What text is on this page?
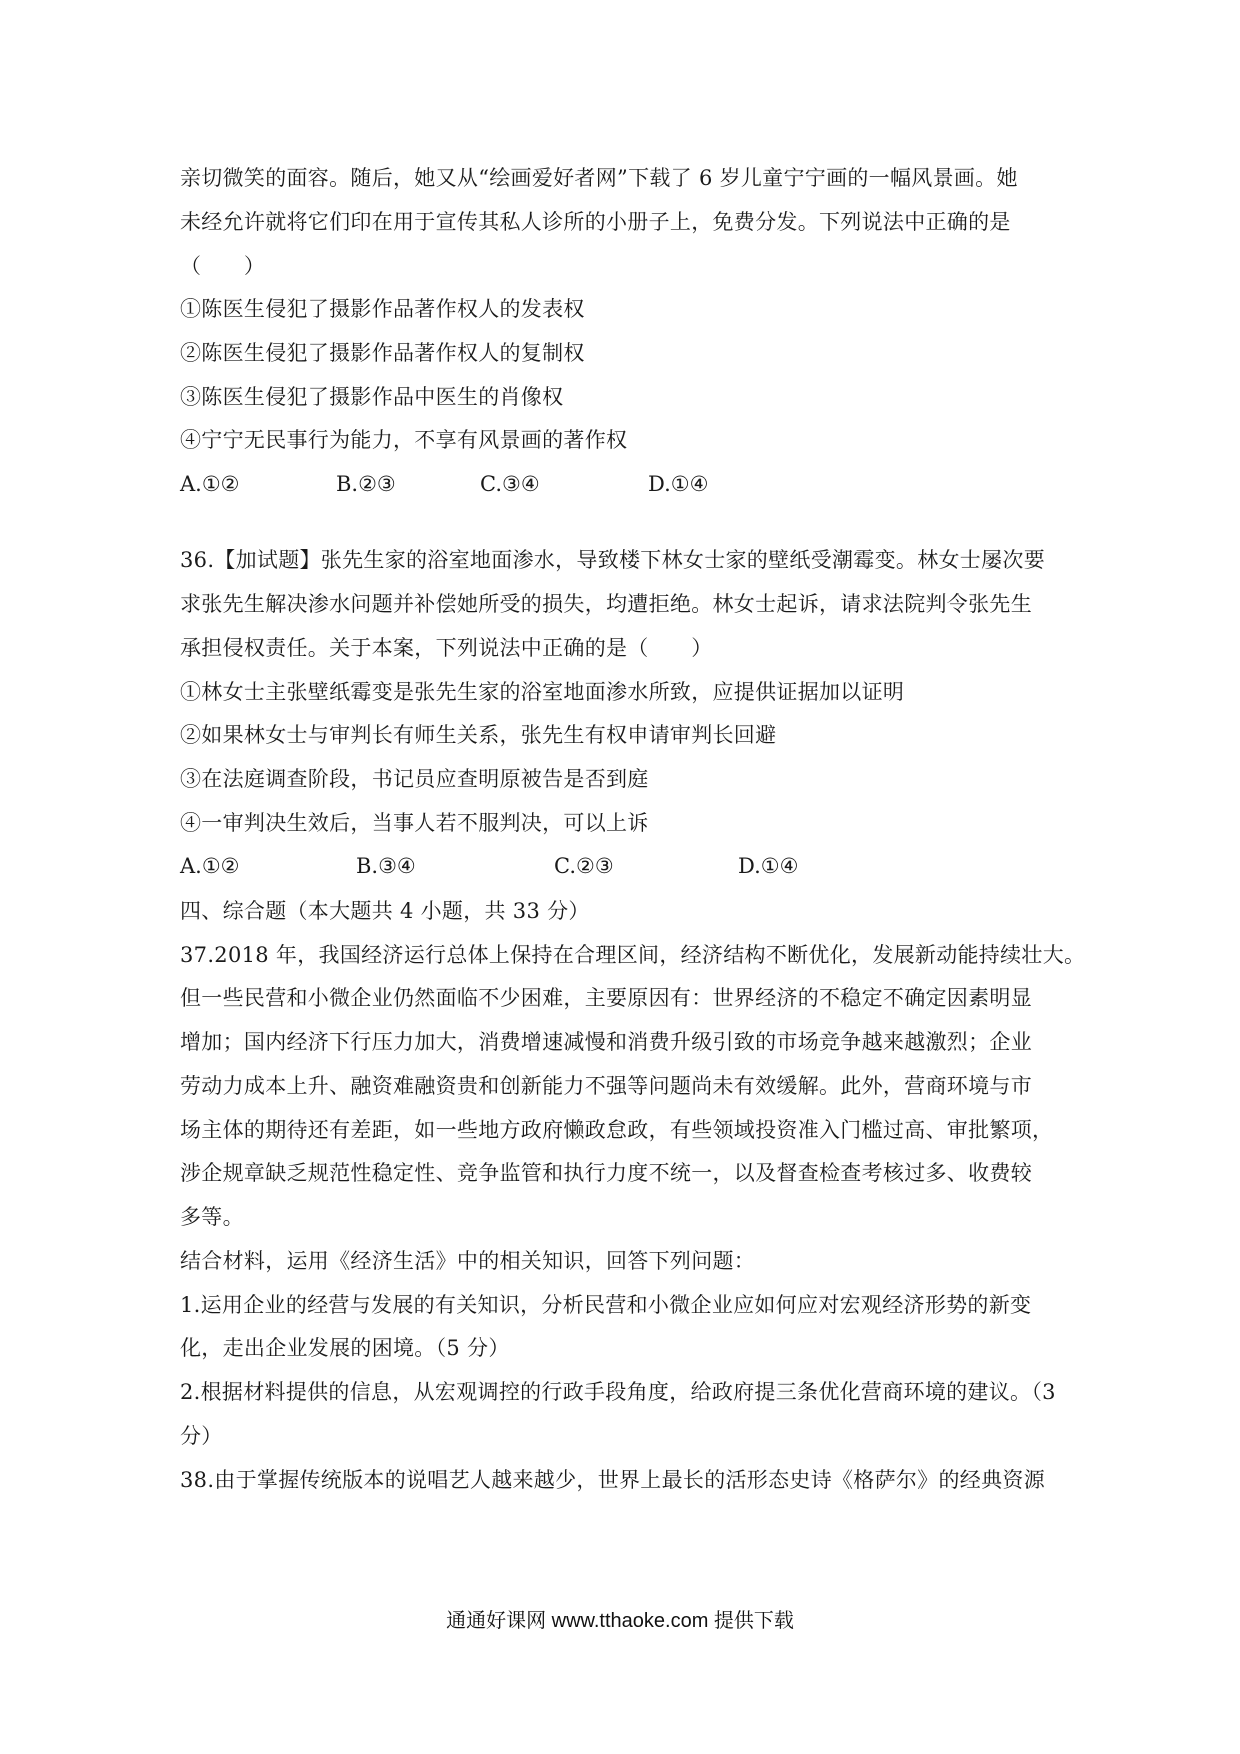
亲切微笑的面容。随后，她又从“绘画爱好者网”下载了 6 岁儿童宁宁画的一幅风景画。她
未经允许就将它们印在用于宣传其私人诊所的小册子上，免费分发。下列说法中正确的是
（　　）
①陈医生侵犯了摄影作品著作权人的发表权
②陈医生侵犯了摄影作品著作权人的复制权
③陈医生侵犯了摄影作品中医生的肖像权
④宁宁无民事行为能力，不享有风景画的著作权
A.①②	B.②③	C.③④	D.①④
36.【加试题】张先生家的浴室地面渗水，导致楼下林女士家的壁纸受潮霉变。林女士屡次要
求张先生解决渗水问题并补偿她所受的损失，均遭拒绝。林女士起诉，请求法院判令张先生
承担侵权责任。关于本案，下列说法中正确的是（　　）
①林女士主张壁纸霉变是张先生家的浴室地面渗水所致，应提供证据加以证明
②如果林女士与审判长有师生关系，张先生有权申请审判长回避
③在法庭调查阶段，书记员应查明原被告是否到庭
④一审判决生效后，当事人若不服判决，可以上诉
A.①②	B.③④	C.②③	D.①④
四、综合题（本大题共 4 小题，共 33 分）
37.2018 年，我国经济运行总体上保持在合理区间，经济结构不断优化，发展新动能持续壮大。
但一些民营和小微企业仍然面临不少困难，主要原因有：世界经济的不稳定不确定因素明显
增加；国内经济下行压力加大，消费增速减慢和消费升级引致的市场竞争越来越激烈；企业
劳动力成本上升、融资难融资贵和创新能力不强等问题尚未有效缓解。此外，营商环境与市
场主体的期待还有差距，如一些地方政府懒政怠政，有些领域投资准入门槛过高、审批繁项，
涉企规章缺乏规范性稳定性、竞争监管和执行力度不统一，以及督查检查考核过多、收费较
多等。
结合材料，运用《经济生活》中的相关知识，回答下列问题：
1.运用企业的经营与发展的有关知识，分析民营和小微企业应如何应对宏观经济形势的新变
化，走出企业发展的困境。（5 分）
2.根据材料提供的信息，从宏观调控的行政手段角度，给政府提三条优化营商环境的建议。（3
分）
38.由于掌握传统版本的说唱艺人越来越少，世界上最长的活形态史诗《格萨尔》的经典资源
通通好课网 www.tthaoke.com 提供下载
